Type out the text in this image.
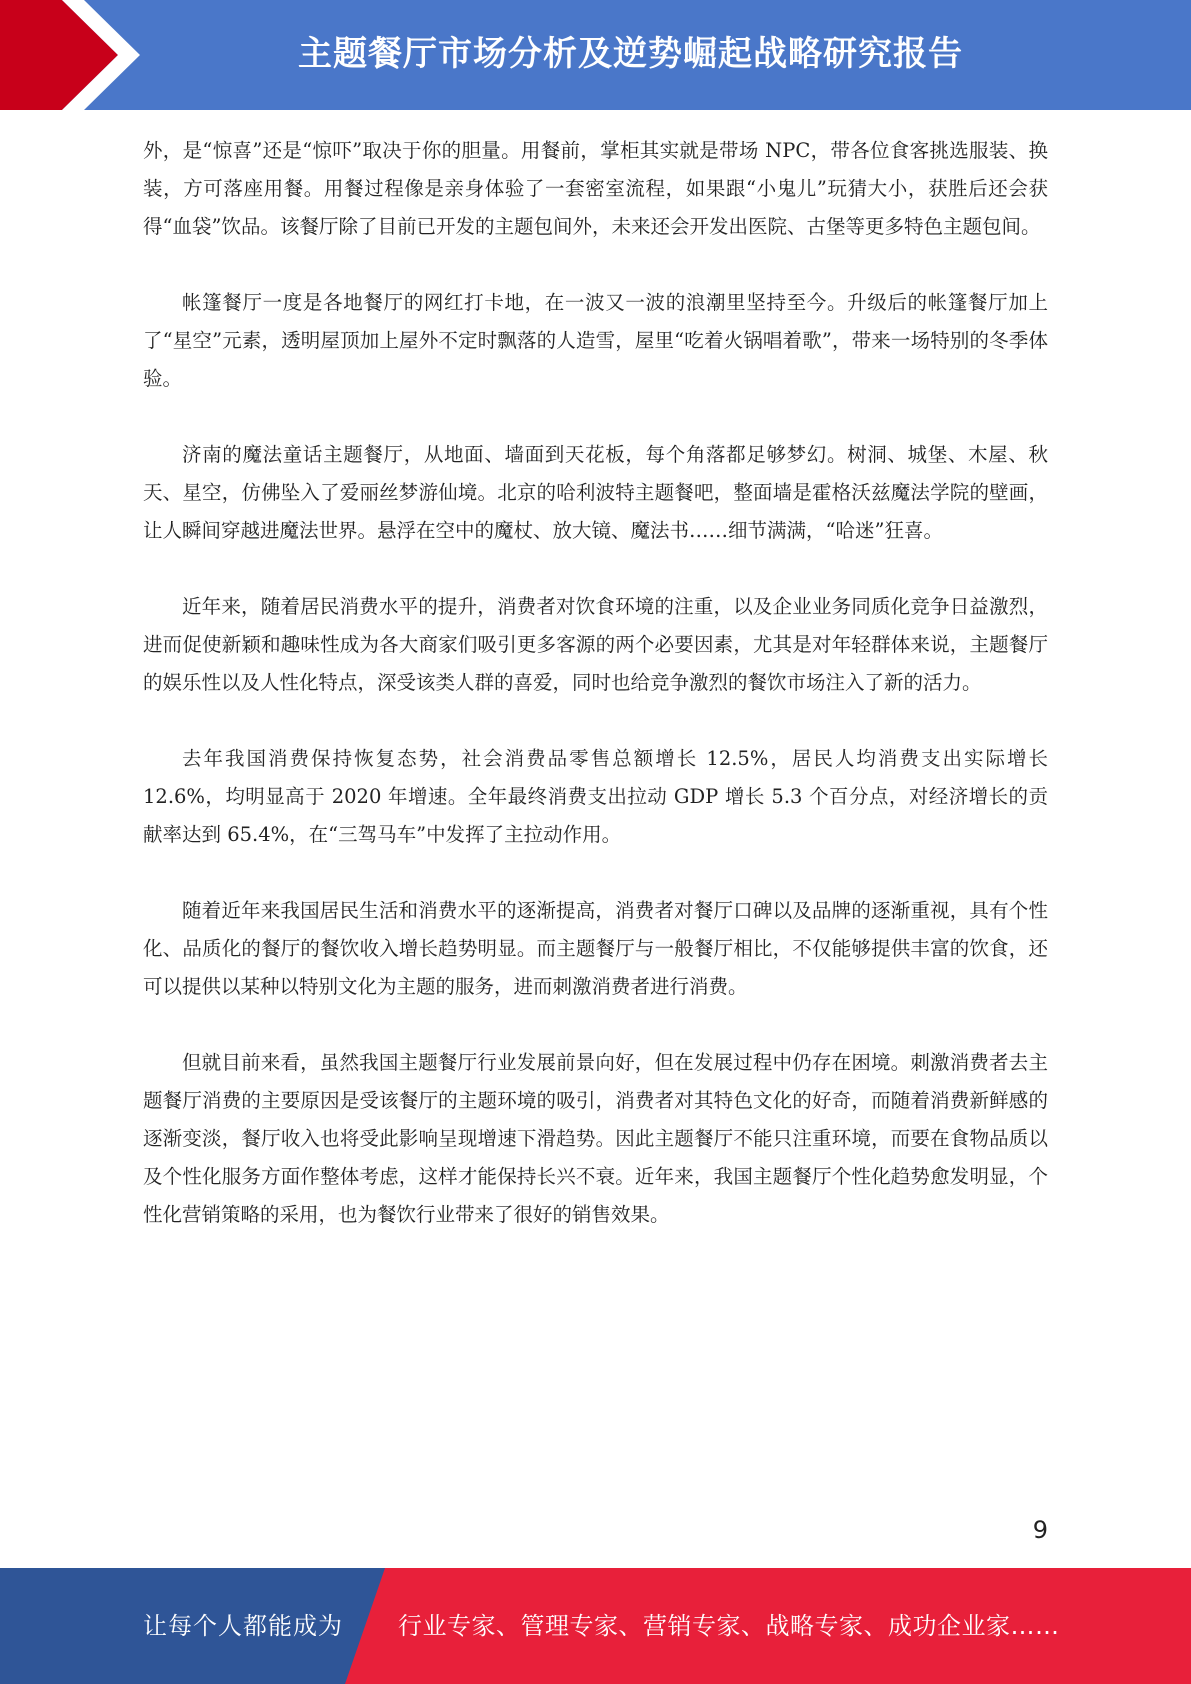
主题餐厅市场分析及逆势崛起战略研究报告

外，是“惊喜”还是“惊吓”取决于你的胆量。用餐前，掌柜其实就是带场 NPC，带各位食客挑选服装、换装，方可落座用餐。用餐过程像是亲身体验了一套密室流程，如果跟“小鬼儿”玩猜大小，获胜后还会获得“血袋”饮品。该餐厅除了目前已开发的主题包间外，未来还会开发出医院、古堡等更多特色主题包间。

帐篷餐厅一度是各地餐厅的网红打卡地，在一波又一波的浪潮里坚持至今。升级后的帐篷餐厅加上了“星空”元素，透明屋顶加上屋外不定时飘落的人造雪，屋里“吃着火锅唱着歌”，带来一场特别的冬季体验。

济南的魔法童话主题餐厅，从地面、墙面到天花板，每个角落都足够梦幻。树洞、城堡、木屋、秋天、星空，仿佛坠入了爱丽丝梦游仙境。北京的哈利波特主题餐吧，整面墙是霍格沃兹魔法学院的壁画，让人瞬间穿越进魔法世界。悬浮在空中的魔杖、放大镜、魔法书……细节满满，“哈迷”狂喜。

近年来，随着居民消费水平的提升，消费者对饮食环境的注重，以及企业业务同质化竞争日益激烈，进而促使新颖和趣味性成为各大商家们吸引更多客源的两个必要因素，尤其是对年轻群体来说，主题餐厅的娱乐性以及人性化特点，深受该类人群的喜爱，同时也给竞争激烈的餐饮市场注入了新的活力。

去年我国消费保持恢复态势，社会消费品零售总额增长 12.5%，居民人均消费支出实际增长 12.6%，均明显高于 2020 年增速。全年最终消费支出拉动 GDP 增长 5.3 个百分点，对经济增长的贡献率达到 65.4%，在“三驾马车”中发挥了主拉动作用。

随着近年来我国居民生活和消费水平的逐渐提高，消费者对餐厅口碑以及品牌的逐渐重视，具有个性化、品质化的餐厅的餐饮收入增长趋势明显。而主题餐厅与一般餐厅相比，不仅能够提供丰富的饮食，还可以提供以某种以特别文化为主题的服务，进而刺激消费者进行消费。

但就目前来看，虽然我国主题餐厅行业发展前景向好，但在发展过程中仍存在困境。刺激消费者去主题餐厅消费的主要原因是受该餐厅的主题环境的吸引，消费者对其特色文化的好奇，而随着消费新鲜感的逐渐变淡，餐厅收入也将受此影响呈现增速下滑趋势。因此主题餐厅不能只注重环境，而要在食物品质以及个性化服务方面作整体考虑，这样才能保持长兴不衰。近年来，我国主题餐厅个性化趋势愈发明显，个性化营销策略的采用，也为餐饮行业带来了很好的销售效果。

9
让每个人都能成为 行业专家、管理专家、营销专家、战略专家、成功企业家……
